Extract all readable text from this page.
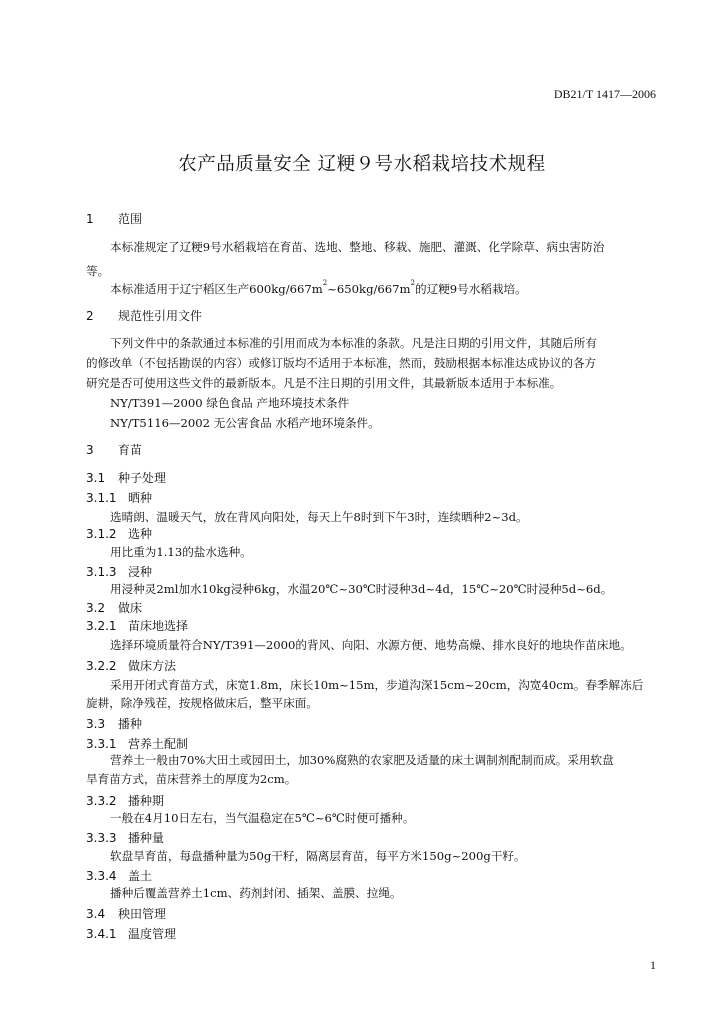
DB21/T 1417—2006
农产品质量安全 辽粳９号水稻栽培技术规程
1 范围
本标准规定了辽粳9号水稻栽培在育苗、选地、整地、移栽、施肥、灌溉、化学除草、病虫害防治
等。
本标准适用于辽宁稻区生产$600kg/667m^2\sim 650kg/667m^2$的辽粳9号水稻栽培。
2 规范性引用文件
下列文件中的条款通过本标准的引用而成为本标准的条款。凡是注日期的引用文件，其随后所有
的修改单（不包括勘误的内容）或修订版均不适用于本标准，然而，鼓励根据本标准达成协议的各方
研究是否可使用这些文件的最新版本。凡是不注日期的引用文件，其最新版本适用于本标准。
NY/T391—2000 绿色食品 产地环境技术条件
NY/T5116—2002 无公害食品 水稻产地环境条件。
3 育苗
3.1 种子处理
3.1.1 晒种
选晴朗、温暖天气，放在背风向阳处，每天上午8时到下午3时，连续晒种2~3d。
3.1.2 选种
用比重为1.13的盐水选种。
3.1.3 浸种
用浸种灵2ml加水10kg浸种6kg，水温20℃~30℃时浸种3d~4d，15℃~20℃时浸种5d~6d。
3.2 做床
3.2.1 苗床地选择
选择环境质量符合NY/T391—2000的背风、向阳、水源方便、地势高燥、排水良好的地块作苗床地。
3.2.2 做床方法
采用开闭式育苗方式，床宽1.8m，床长10m~15m，步道沟深15cm~20cm，沟宽40cm。春季解冻后
旋耕，除净残茬，按规格做床后，整平床面。
3.3 播种
3.3.1 营养土配制
营养土一般由70%大田土或园田土，加30%腐熟的农家肥及适量的床土调制剂配制而成。采用软盘
旱育苗方式，苗床营养土的厚度为2cm。
3.3.2 播种期
一般在4月10日左右，当气温稳定在5℃~6℃时便可播种。
3.3.3 播种量
软盘旱育苗，每盘播种量为50g干籽，隔离层育苗，每平方米150g~200g干籽。
3.3.4 盖土
播种后覆盖营养土1cm、药剂封闭、插架、盖膜、拉绳。
3.4 秧田管理
3.4.1 温度管理
1
